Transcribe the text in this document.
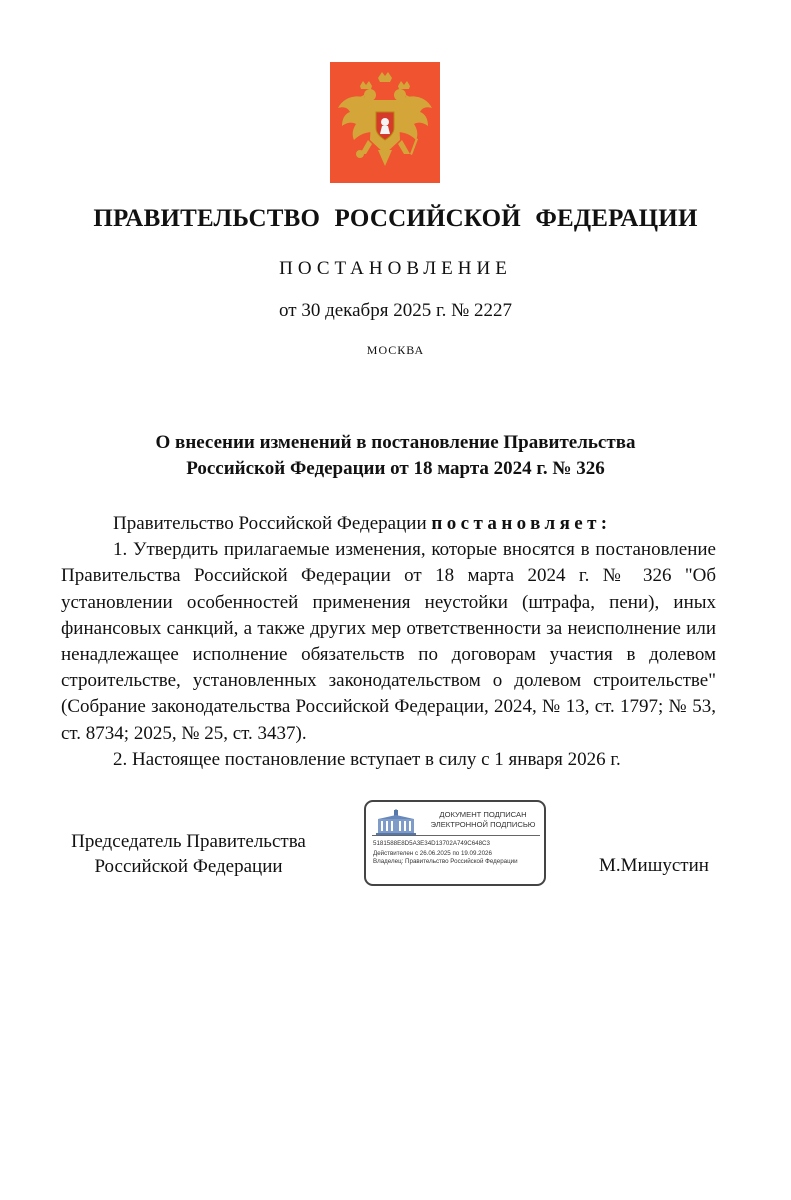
ПРАВИТЕЛЬСТВО РОССИЙСКОЙ ФЕДЕРАЦИИ
ПОСТАНОВЛЕНИЕ
от 30 декабря 2025 г. № 2227
МОСКВА
О внесении изменений в постановление Правительства
Российской Федерации от 18 марта 2024 г. № 326

Правительство Российской Федерации постановляет:

1. Утвердить прилагаемые изменения, которые вносятся в постановление Правительства Российской Федерации от 18 марта 2024 г. № 326 "Об установлении особенностей применения неустойки (штрафа, пени), иных финансовых санкций, а также других мер ответственности за неисполнение или ненадлежащее исполнение обязательств по договорам участия в долевом строительстве, установленных законодательством о долевом строительстве" (Собрание законодательства Российской Федерации, 2024, № 13, ст. 1797; № 53, ст. 8734; 2025, № 25, ст. 3437).

2. Настоящее постановление вступает в силу с 1 января 2026 г.

Председатель Правительства
Российской Федерации
ДОКУМЕНТ ПОДПИСАН
ЭЛЕКТРОННОЙ ПОДПИСЬЮ
5181588E8D5A3E34D13702A749C648C3
Действителен с 26.06.2025 по 19.09.2026
Владелец: Правительство Российской Федерации	М.Мишустин
